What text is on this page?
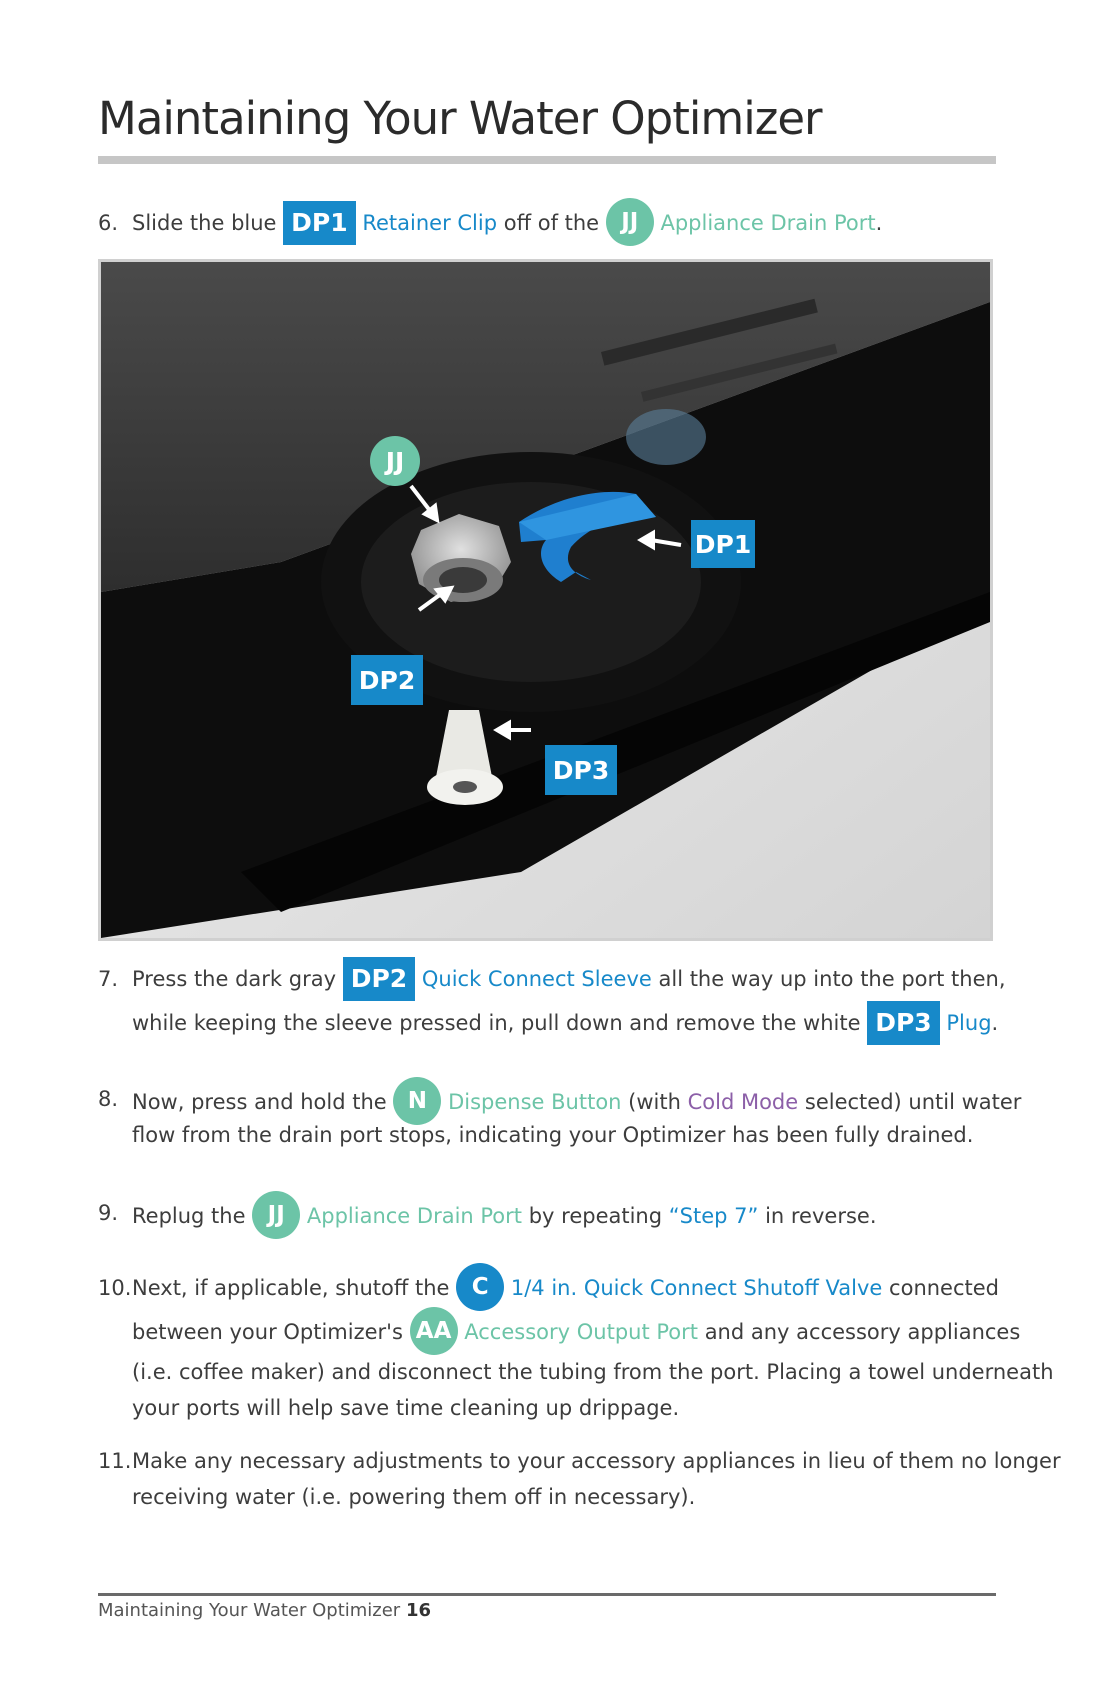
Maintaining Your Water Optimizer
6. Slide the blue DP1 Retainer Clip off of the JJ Appliance Drain Port.
JJ
DP1
DP2
DP3
7. Press the dark gray DP2 Quick Connect Sleeve all the way up into the port then,
while keeping the sleeve pressed in, pull down and remove the white DP3 Plug.
8. Now, press and hold the N Dispense Button (with Cold Mode selected) until water
flow from the drain port stops, indicating your Optimizer has been fully drained.
9. Replug the JJ Appliance Drain Port by repeating “Step 7” in reverse.
10. Next, if applicable, shutoff the C 1/4 in. Quick Connect Shutoff Valve connected
between your Optimizer's AA Accessory Output Port and any accessory appliances
(i.e. coffee maker) and disconnect the tubing from the port. Placing a towel underneath
your ports will help save time cleaning up drippage.
11. Make any necessary adjustments to your accessory appliances in lieu of them no longer
receiving water (i.e. powering them off in necessary).
Maintaining Your Water Optimizer 16
